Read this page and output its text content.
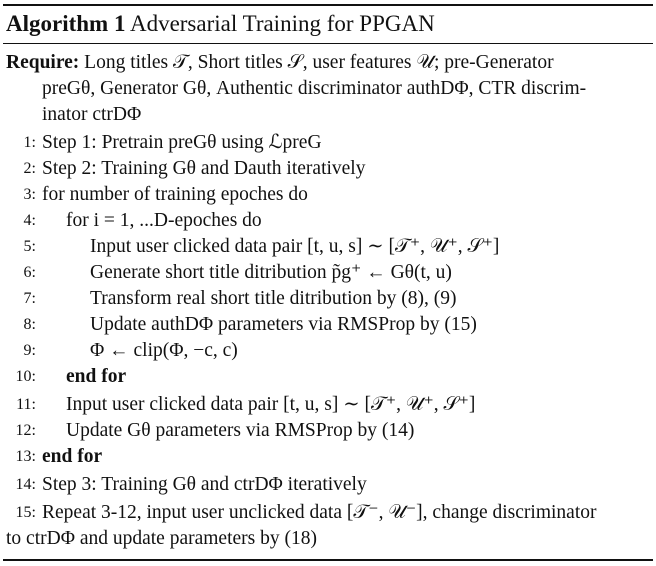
Algorithm 1 Adversarial Training for PPGAN
Require: Long titles 𝒯, Short titles 𝒮, user features 𝒰; pre-Generator
preGθ, Generator Gθ, Authentic discriminator authDΦ, CTR discrim-
inator ctrDΦ
1: Step 1: Pretrain preGθ using ℒpreG
2: Step 2: Training Gθ and Dauth iteratively
3: for number of training epoches do
4: for i = 1, ...D-epoches do
5:	Input user clicked data pair [t, u, s] ∼ [𝒯⁺, 𝒰⁺, 𝒮⁺]
6:	Generate short title ditribution p̃g⁺ ← Gθ(t, u)
7:	Transform real short title ditribution by (8), (9)
8:	Update authDΦ parameters via RMSProp by (15)
9:	Φ ← clip(Φ, −c, c)
10: end for
11: Input user clicked data pair [t, u, s] ∼ [𝒯⁺, 𝒰⁺, 𝒮⁺]
12: Update Gθ parameters via RMSProp by (14)
13: end for
14: Step 3: Training Gθ and ctrDΦ iteratively
15: Repeat 3-12, input user unclicked data [𝒯⁻, 𝒰⁻], change discriminator
to ctrDΦ and update parameters by (18)
